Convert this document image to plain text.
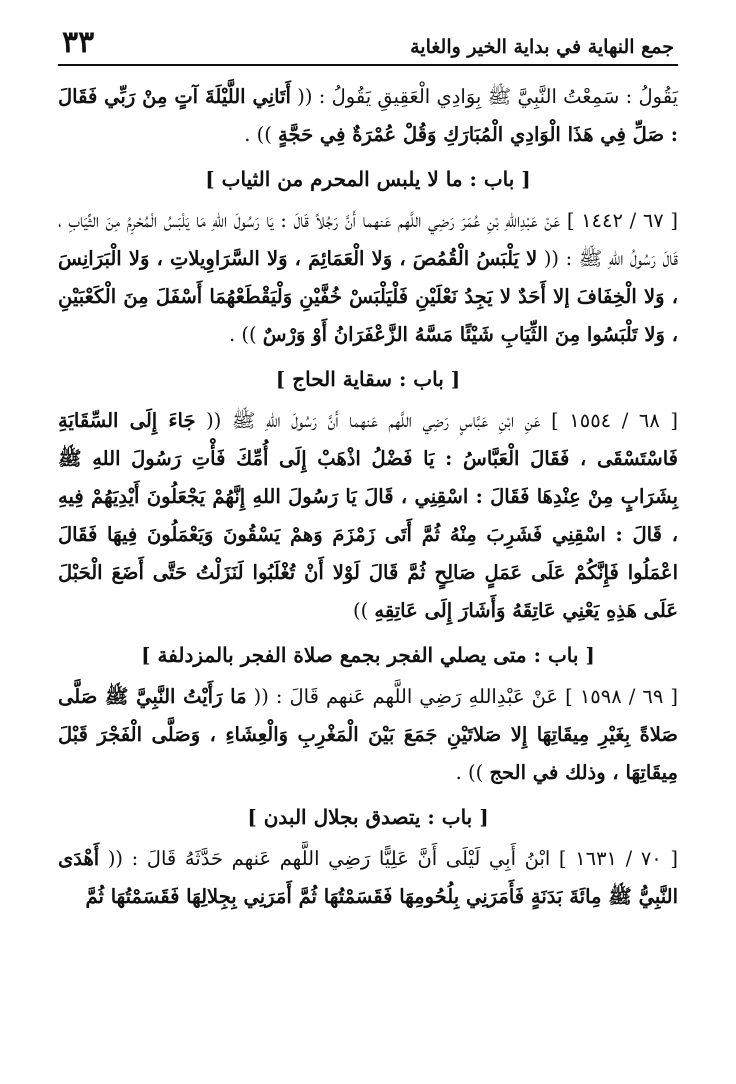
جمع النهاية في بداية الخير والغاية
٣٣

يَقُولُ : سَمِعْتُ النَّبِيَّ ﷺ بِوَادِي الْعَقِيقِ يَقُولُ : (( أَتَانِي اللَّيْلَةَ آتٍ مِنْ رَبِّي فَقَالَ : صَلِّ فِي هَذَا الْوَادِي الْمُبَارَكِ وَقُلْ عُمْرَةٌ فِي حَجَّةٍ )) .

[ باب : ما لا يلبس المحرم من الثياب ]

[ ٦٧ / ١٤٤٢ ] عَنْ عَبْدِاللهِ بْنِ عُمَرَ رَضِي اللَّهم عَنهما أَنَّ رَجُلاً قَالَ : يَا رَسُولَ اللهِ مَا يَلْبَسُ الْمُحْرِمُ مِنَ الثِّيَابِ ، قَالَ رَسُولُ اللهِ ﷺ : (( لا يَلْبَسُ الْقُمُصَ ، وَلا الْعَمَائِمَ ، وَلا السَّرَاوِيلاتِ ، وَلا الْبَرَانِسَ ، وَلا الْخِفَافَ إلا أَحَدٌ لا يَجِدُ نَعْلَيْنِ فَلْيَلْبَسْ خُفَّيْنِ وَلْيَقْطَعْهُمَا أَسْفَلَ مِنَ الْكَعْبَيْنِ ، وَلا تَلْبَسُوا مِنَ الثِّيَابِ شَيْئًا مَسَّهُ الزَّعْفَرَانُ أَوْ وَرْسٌ )) .

[ باب : سقاية الحاج ]

[ ٦٨ / ١٥٥٤ ] عَنِ ابْنِ عَبَّاسٍ رَضِي اللَّهم عَنهما أَنَّ رَسُولَ اللهِ ﷺ (( جَاءَ إِلَى السِّقَايَةِ فَاسْتَسْقَى ، فَقَالَ الْعَبَّاسُ : يَا فَضْلُ اذْهَبْ إِلَى أُمِّكَ فَأْتِ رَسُولَ اللهِ ﷺ بِشَرَابٍ مِنْ عِنْدِهَا فَقَالَ : اسْقِنِي ، قَالَ يَا رَسُولَ اللهِ إِنَّهُمْ يَجْعَلُونَ أَيْدِيَهُمْ فِيهِ ، قَالَ : اسْقِنِي فَشَرِبَ مِنْهُ ثُمَّ أَتَى زَمْزَمَ وَهمْ يَسْقُونَ وَيَعْمَلُونَ فِيهَا فَقَالَ اعْمَلُوا فَإِنَّكُمْ عَلَى عَمَلٍ صَالِحٍ ثُمَّ قَالَ لَوْلا أَنْ تُغْلَبُوا لَنَزَلْتُ حَتَّى أَضَعَ الْحَبْلَ عَلَى هَذِهِ يَعْنِي عَاتِقَهُ وَأَشَارَ إِلَى عَاتِقِهِ ))

[ باب : متى يصلي الفجر بجمع صلاة الفجر بالمزدلفة ]

[ ٦٩ / ١٥٩٨ ] عَنْ عَبْدِاللهِ رَضِي اللَّهم عَنهم قَالَ : (( مَا رَأَيْتُ النَّبِيَّ ﷺ صَلَّى صَلاةً بِغَيْرِ مِيقَاتِهَا إِلا صَلاتَيْنِ جَمَعَ بَيْنَ الْمَغْرِبِ وَالْعِشَاءِ ، وَصَلَّى الْفَجْرَ قَبْلَ مِيقَاتِهَا ، وذلك في الحج )) .

[ باب : يتصدق بجلال البدن ]

[ ٧٠ / ١٦٣١ ] ابْنُ أَبِي لَيْلَى أَنَّ عَلِيًّا رَضِي اللَّهم عَنهم حَدَّثَهُ قَالَ : (( أَهْدَى النَّبِيُّ ﷺ مِائَةَ بَدَنَةٍ فَأَمَرَنِي بِلُحُومِهَا فَقَسَمْتُهَا ثُمَّ أَمَرَنِي بِجِلالِهَا فَقَسَمْتُهَا ثُمَّ
